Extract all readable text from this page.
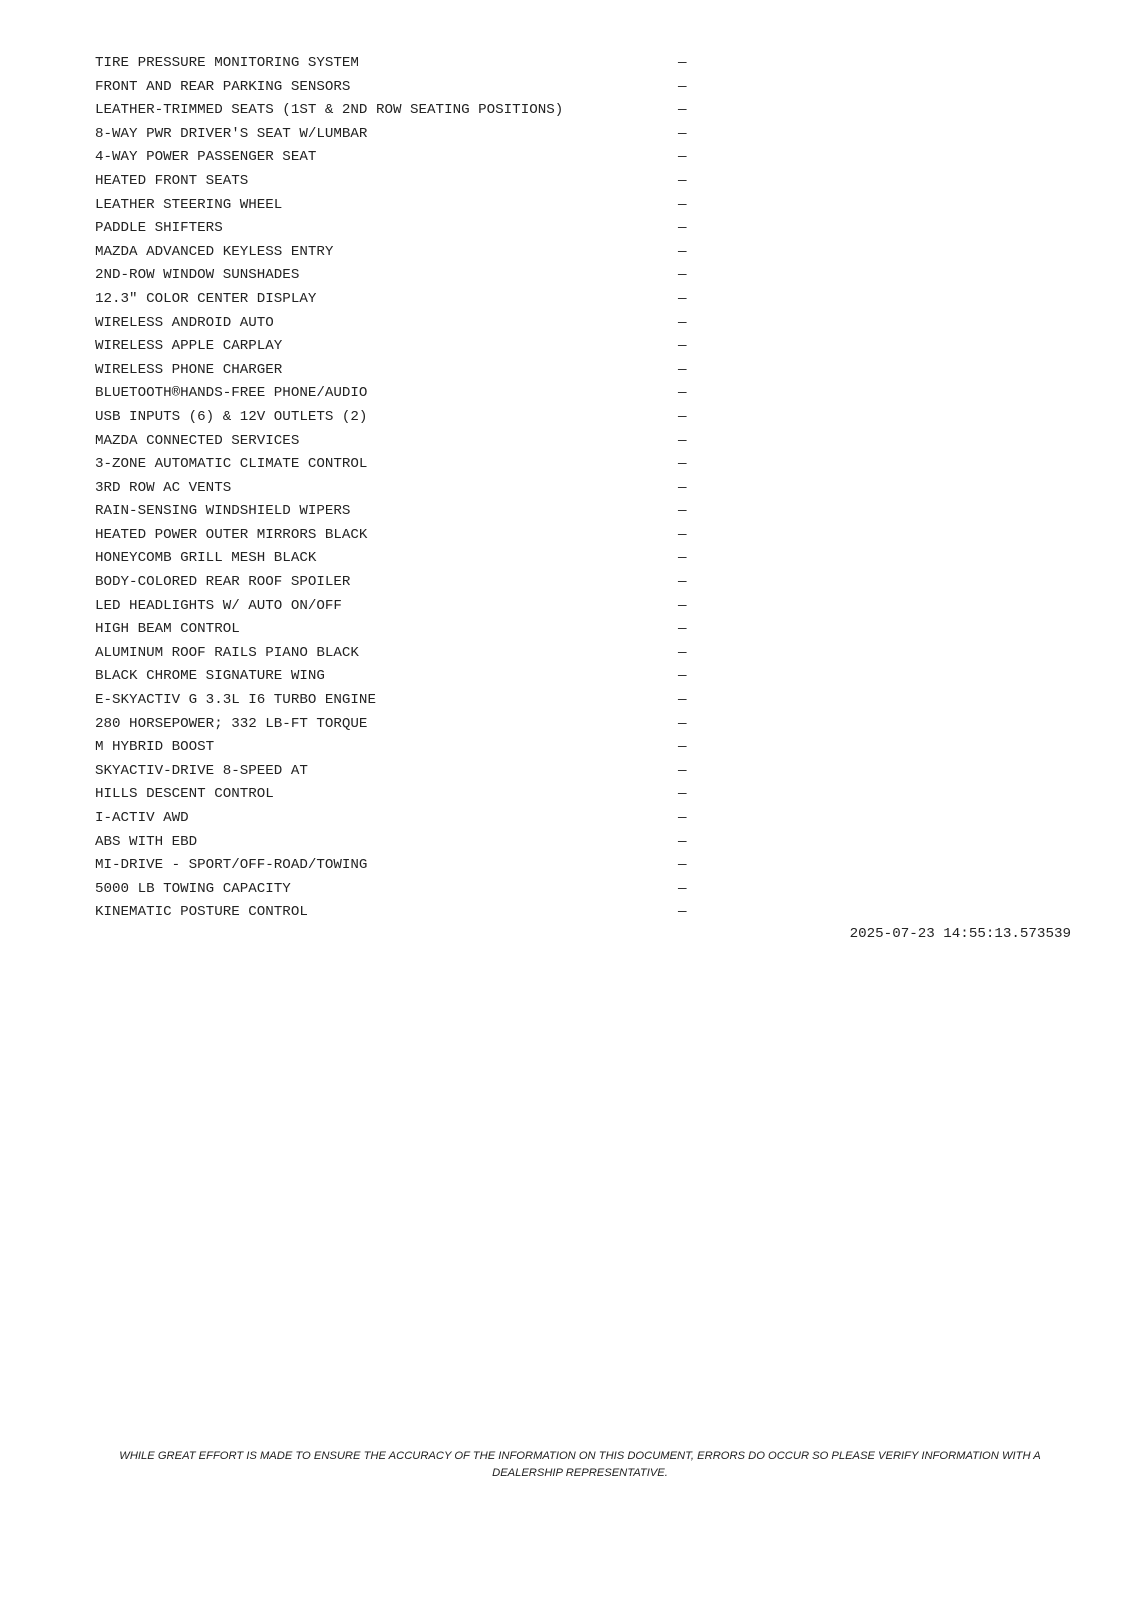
TIRE PRESSURE MONITORING SYSTEM	—
FRONT AND REAR PARKING SENSORS	—
LEATHER-TRIMMED SEATS (1ST & 2ND ROW SEATING POSITIONS)	—
8-WAY PWR DRIVER'S SEAT W/LUMBAR	—
4-WAY POWER PASSENGER SEAT	—
HEATED FRONT SEATS	—
LEATHER STEERING WHEEL	—
PADDLE SHIFTERS	—
MAZDA ADVANCED KEYLESS ENTRY	—
2ND-ROW WINDOW SUNSHADES	—
12.3" COLOR CENTER DISPLAY	—
WIRELESS ANDROID AUTO	—
WIRELESS APPLE CARPLAY	—
WIRELESS PHONE CHARGER	—
BLUETOOTH®HANDS-FREE PHONE/AUDIO	—
USB INPUTS (6) & 12V OUTLETS (2)	—
MAZDA CONNECTED SERVICES	—
3-ZONE AUTOMATIC CLIMATE CONTROL	—
3RD ROW AC VENTS	—
RAIN-SENSING WINDSHIELD WIPERS	—
HEATED POWER OUTER MIRRORS BLACK	—
HONEYCOMB GRILL MESH BLACK	—
BODY-COLORED REAR ROOF SPOILER	—
LED HEADLIGHTS W/ AUTO ON/OFF	—
HIGH BEAM CONTROL	—
ALUMINUM ROOF RAILS PIANO BLACK	—
BLACK CHROME SIGNATURE WING	—
E-SKYACTIV G 3.3L I6 TURBO ENGINE	—
280 HORSEPOWER; 332 LB-FT TORQUE	—
M HYBRID BOOST	—
SKYACTIV-DRIVE 8-SPEED AT	—
HILLS DESCENT CONTROL	—
I-ACTIV AWD	—
ABS WITH EBD	—
MI-DRIVE - SPORT/OFF-ROAD/TOWING	—
5000 LB TOWING CAPACITY	—
KINEMATIC POSTURE CONTROL	—
2025-07-23 14:55:13.573539
WHILE GREAT EFFORT IS MADE TO ENSURE THE ACCURACY OF THE INFORMATION ON THIS DOCUMENT, ERRORS DO OCCUR SO PLEASE VERIFY INFORMATION WITH A DEALERSHIP REPRESENTATIVE.
